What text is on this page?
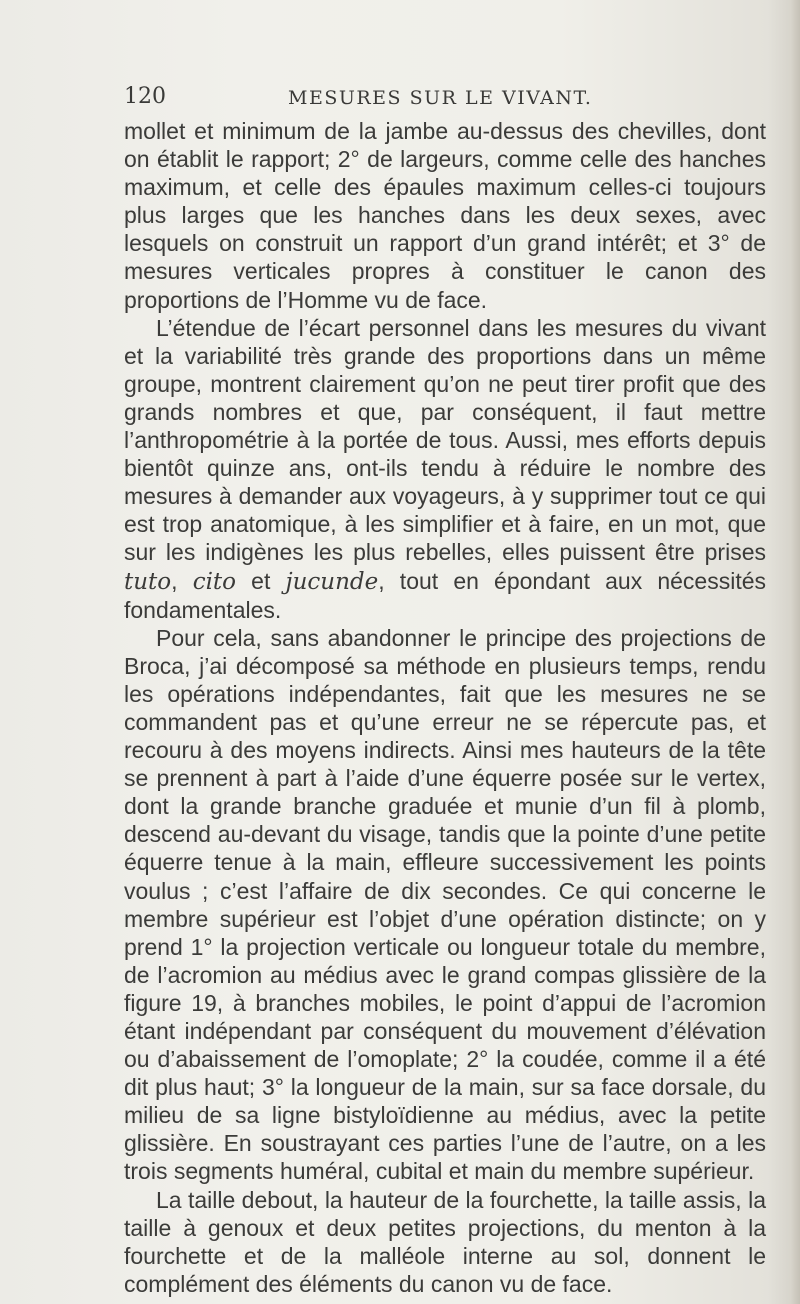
120	MESURES SUR LE VIVANT.

mollet et minimum de la jambe au-dessus des chevilles, dont on établit le rapport; 2° de largeurs, comme celle des hanches maximum, et celle des épaules maximum celles-ci toujours plus larges que les hanches dans les deux sexes, avec lesquels on construit un rapport d’un grand intérêt; et 3° de mesures verticales propres à constituer le canon des proportions de l’Homme vu de face.

L’étendue de l’écart personnel dans les mesures du vivant et la variabilité très grande des proportions dans un même groupe, montrent clairement qu’on ne peut tirer profit que des grands nombres et que, par conséquent, il faut mettre l’anthropométrie à la portée de tous. Aussi, mes efforts depuis bientôt quinze ans, ont-ils tendu à réduire le nombre des mesures à demander aux voyageurs, à y supprimer tout ce qui est trop anatomique, à les simplifier et à faire, en un mot, que sur les indigènes les plus rebelles, elles puissent être prises tuto, cito et jucunde, tout en épondant aux nécessités fondamentales.

Pour cela, sans abandonner le principe des projections de Broca, j’ai décomposé sa méthode en plusieurs temps, rendu les opérations indépendantes, fait que les mesures ne se commandent pas et qu’une erreur ne se répercute pas, et recouru à des moyens indirects. Ainsi mes hauteurs de la tête se prennent à part à l’aide d’une équerre posée sur le vertex, dont la grande branche graduée et munie d’un fil à plomb, descend au-devant du visage, tandis que la pointe d’une petite équerre tenue à la main, effleure successivement les points voulus ; c’est l’affaire de dix secondes. Ce qui concerne le membre supérieur est l’objet d’une opération distincte; on y prend 1° la projection verticale ou longueur totale du membre, de l’acromion au médius avec le grand compas glissière de la figure 19, à branches mobiles, le point d’appui de l’acromion étant indépendant par conséquent du mouvement d’élévation ou d’abaissement de l’omoplate; 2° la coudée, comme il a été dit plus haut; 3° la longueur de la main, sur sa face dorsale, du milieu de sa ligne bistyloïdienne au médius, avec la petite glissière. En soustrayant ces parties l’une de l’autre, on a les trois segments huméral, cubital et main du membre supérieur.

La taille debout, la hauteur de la fourchette, la taille assis, la taille à genoux et deux petites projections, du menton à la fourchette et de la malléole interne au sol, donnent le complément des éléments du canon vu de face.
